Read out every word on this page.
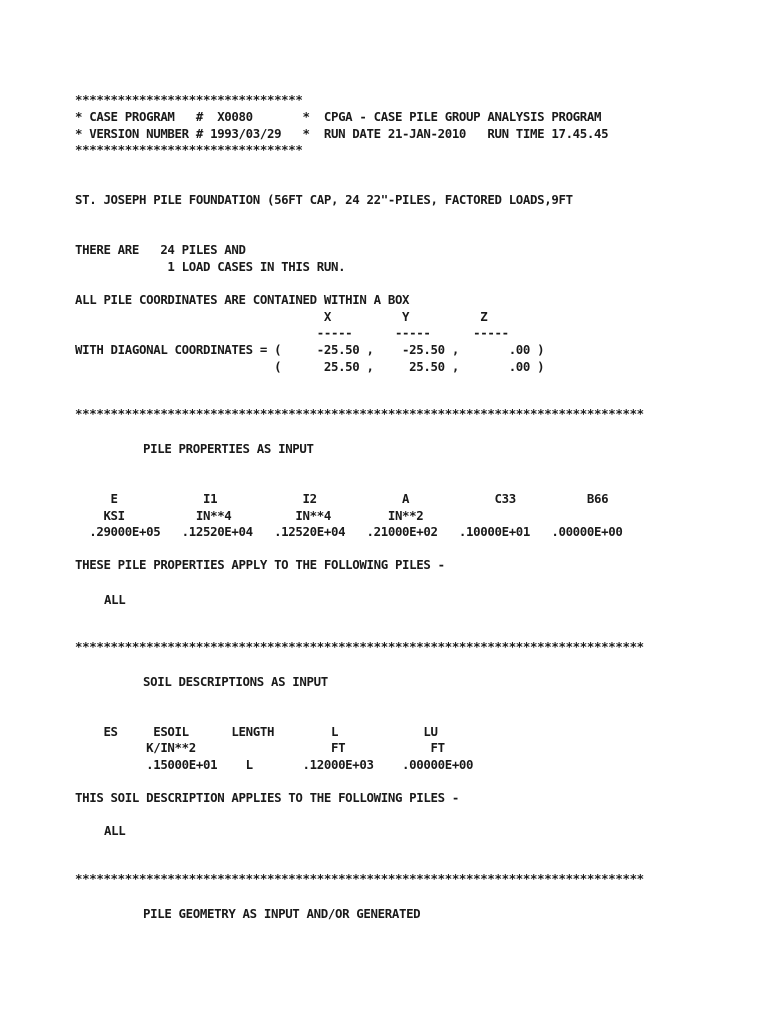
********************************

* CASE PROGRAM   #  X0080       *  CPGA - CASE PILE GROUP ANALYSIS PROGRAM

* VERSION NUMBER # 1993/03/29   *  RUN DATE 21-JAN-2010   RUN TIME 17.45.45

********************************

ST. JOSEPH PILE FOUNDATION (56FT CAP, 24 22"-PILES, FACTORED LOADS,9FT

THERE ARE   24 PILES AND

1 LOAD CASES IN THIS RUN.

ALL PILE COORDINATES ARE CONTAINED WITHIN A BOX

X          Y          Z

-----      -----      -----

WITH DIAGONAL COORDINATES = (     -25.50 ,    -25.50 ,       .00 )

(      25.50 ,     25.50 ,       .00 )

********************************************************************************

PILE PROPERTIES AS INPUT

E            I1            I2            A            C33          B66

KSI          IN**4         IN**4        IN**2

.29000E+05   .12520E+04   .12520E+04   .21000E+02   .10000E+01   .00000E+00

THESE PILE PROPERTIES APPLY TO THE FOLLOWING PILES -

ALL

********************************************************************************

SOIL DESCRIPTIONS AS INPUT

ES     ESOIL      LENGTH        L            LU

K/IN**2                   FT            FT

.15000E+01    L       .12000E+03    .00000E+00

THIS SOIL DESCRIPTION APPLIES TO THE FOLLOWING PILES -

ALL

********************************************************************************

PILE GEOMETRY AS INPUT AND/OR GENERATED
